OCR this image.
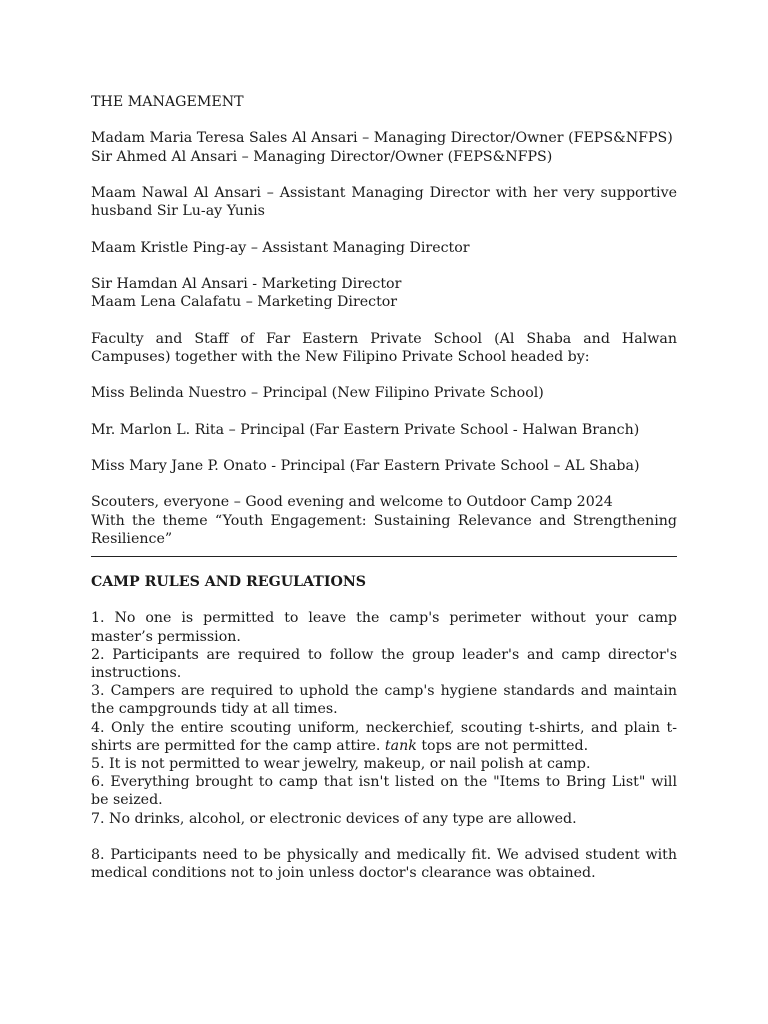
THE MANAGEMENT

Madam Maria Teresa Sales Al Ansari – Managing Director/Owner (FEPS&NFPS)

Sir Ahmed Al Ansari – Managing Director/Owner (FEPS&NFPS)

Maam Nawal Al Ansari – Assistant Managing Director with her very supportive husband Sir Lu-ay Yunis

Maam Kristle Ping-ay – Assistant Managing Director

Sir Hamdan Al Ansari - Marketing Director

Maam Lena Calafatu – Marketing Director

Faculty and Staff of Far Eastern Private School (Al Shaba and Halwan Campuses) together with the New Filipino Private School headed by:

Miss Belinda Nuestro – Principal (New Filipino Private School)

Mr. Marlon L. Rita – Principal (Far Eastern Private School - Halwan Branch)

Miss Mary Jane P. Onato - Principal (Far Eastern Private School – AL Shaba)

Scouters, everyone – Good evening and welcome to Outdoor Camp 2024

With the theme “Youth Engagement: Sustaining Relevance and Strengthening Resilience”

CAMP RULES AND REGULATIONS

1. No one is permitted to leave the camp's perimeter without your camp master’s permission.

2. Participants are required to follow the group leader's and camp director's instructions.

3. Campers are required to uphold the camp's hygiene standards and maintain the campgrounds tidy at all times.

4. Only the entire scouting uniform, neckerchief, scouting t-shirts, and plain t-shirts are permitted for the camp attire. tank tops are not permitted.

5. It is not permitted to wear jewelry, makeup, or nail polish at camp.

6. Everything brought to camp that isn't listed on the "Items to Bring List" will be seized.

7. No drinks, alcohol, or electronic devices of any type are allowed.

8. Participants need to be physically and medically fit. We advised student with medical conditions not to join unless doctor's clearance was obtained.
